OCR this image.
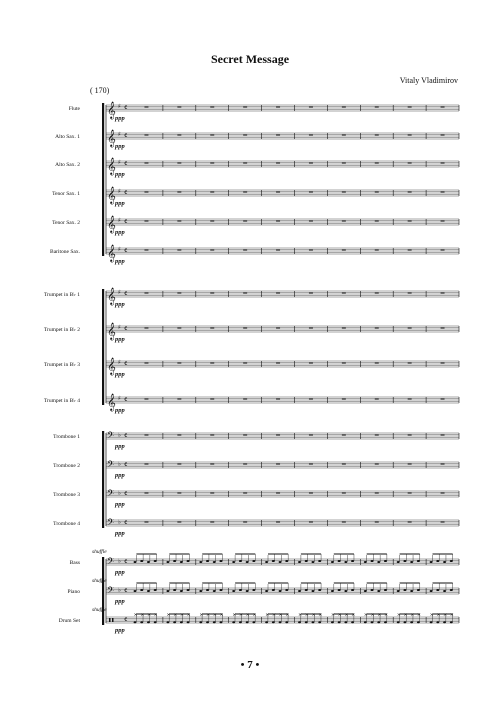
Secret Message
Vitaly Vladimirov
( 170)
Flute 𝄞 ♯ 𝄴
ppp
Alto Sax. 1 𝄞 ♯ 𝄴
ppp
Alto Sax. 2 𝄞 ♯ 𝄴
ppp
Tenor Sax. 1 𝄞 ♯ 𝄴
ppp
Tenor Sax. 2 𝄞 ♯ 𝄴
ppp
Baritone Sax. 𝄞 ♯ 𝄴
ppp
Trumpet in B♭ 1 𝄞 ♯ 𝄴
ppp
Trumpet in B♭ 2 𝄞 ♯ 𝄴
ppp
Trumpet in B♭ 3 𝄞 ♯ 𝄴
ppp
Trumpet in B♭ 4 𝄞 ♯ 𝄴
ppp
Trombone 1 𝄢 ♭ 𝄴
ppp
Trombone 2 𝄢 ♭ 𝄴
ppp
Trombone 3 𝄢 ♭ 𝄴
ppp
Trombone 4 𝄢 ♭ 𝄴
ppp
Bass 𝄢 ♭ 𝄴
ppp
shuffle
Piano 𝄢 ♭ 𝄴
ppp
shuffle
Drum Set	𝄴
ppp
shuffle
× × × × × × × × × × × × × × × × × × × × × × × × × × × × × × × × × × × × × × × ×
• 7 •
